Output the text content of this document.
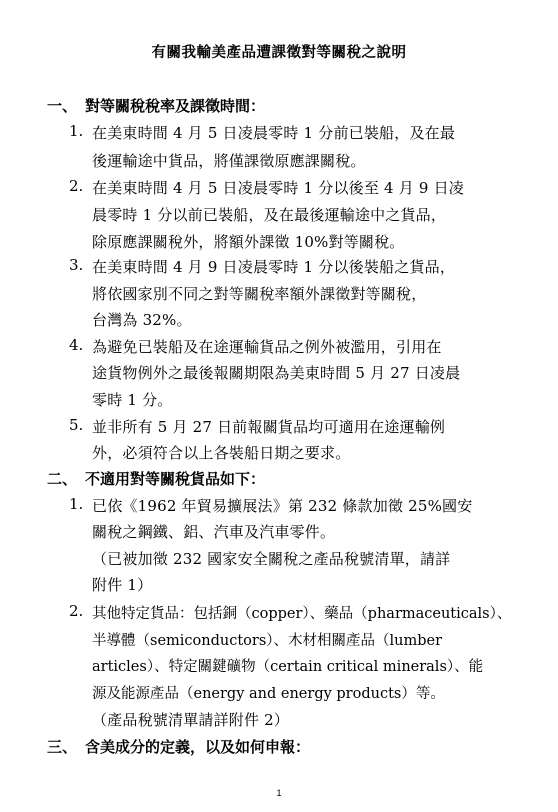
有關我輸美產品遭課徵對等關稅之說明
一、 對等關稅稅率及課徵時間：
1. 在美東時間 4 月 5 日凌晨零時 1 分前已裝船，及在最
後運輸途中貨品，將僅課徵原應課關稅。
2. 在美東時間 4 月 5 日凌晨零時 1 分以後至 4 月 9 日凌
晨零時 1 分以前已裝船，及在最後運輸途中之貨品，
除原應課關稅外，將額外課徵 10%對等關稅。
3. 在美東時間 4 月 9 日凌晨零時 1 分以後裝船之貨品，
將依國家別不同之對等關稅率額外課徵對等關稅，
台灣為 32%。
4. 為避免已裝船及在途運輸貨品之例外被濫用，引用在
途貨物例外之最後報關期限為美東時間 5 月 27 日凌晨
零時 1 分。
5. 並非所有 5 月 27 日前報關貨品均可適用在途運輸例
外，必須符合以上各裝船日期之要求。
二、 不適用對等關稅貨品如下：
1. 已依《1962 年貿易擴展法》第 232 條款加徵 25%國安
關稅之鋼鐵、鋁、汽車及汽車零件。
（已被加徵 232 國家安全關稅之產品稅號清單，請詳
附件 1）
2. 其他特定貨品：包括銅（copper）、藥品（pharmaceuticals）、
半導體（semiconductors）、木材相關產品（lumber
articles）、特定關鍵礦物（certain critical minerals）、能
源及能源產品（energy and energy products）等。
（產品稅號清單請詳附件 2）
三、 含美成分的定義，以及如何申報：
1
